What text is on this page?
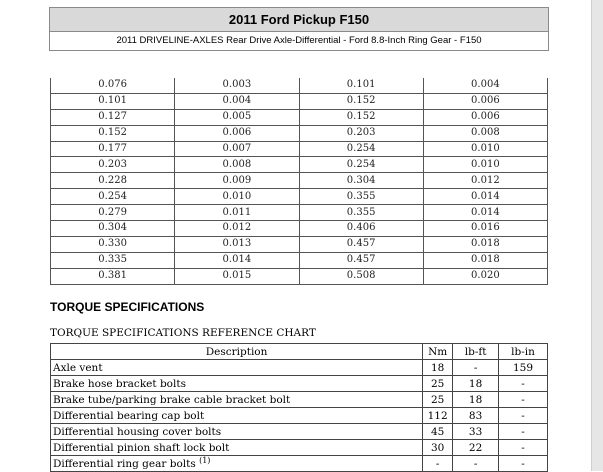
2011 Ford Pickup F150
2011 DRIVELINE-AXLES Rear Drive Axle-Differential - Ford 8.8-Inch Ring Gear - F150
0.076	0.003	0.101	0.004
0.101	0.004	0.152	0.006
0.127	0.005	0.152	0.006
0.152	0.006	0.203	0.008
0.177	0.007	0.254	0.010
0.203	0.008	0.254	0.010
0.228	0.009	0.304	0.012
0.254	0.010	0.355	0.014
0.279	0.011	0.355	0.014
0.304	0.012	0.406	0.016
0.330	0.013	0.457	0.018
0.335	0.014	0.457	0.018
0.381	0.015	0.508	0.020
TORQUE SPECIFICATIONS
TORQUE SPECIFICATIONS REFERENCE CHART
Description	Nm	lb-ft	lb-in
Axle vent	18	-	159
Brake hose bracket bolts	25	18	-
Brake tube/parking brake cable bracket bolt	25	18	-
Differential bearing cap bolt	112	83	-
Differential housing cover bolts	45	33	-
Differential pinion shaft lock bolt	30	22	-
Differential ring gear bolts $^{(1)}$	-	-	-
